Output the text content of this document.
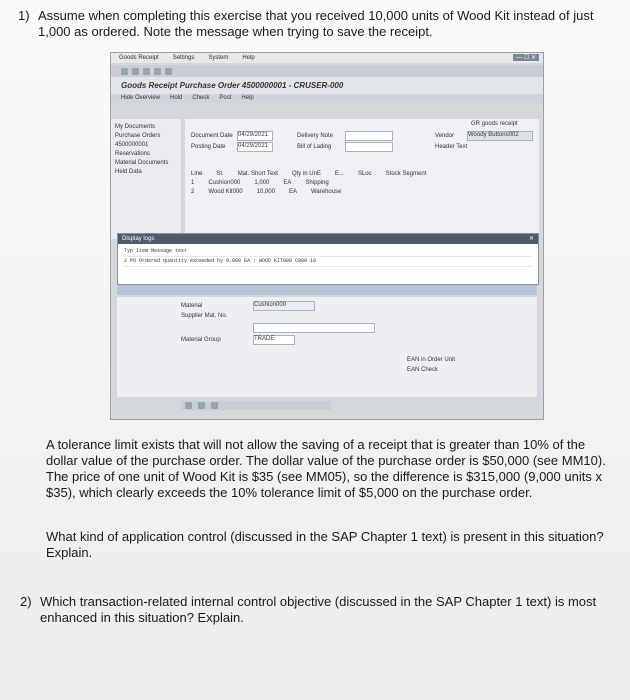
1) Assume when completing this exercise that you received 10,000 units of Wood Kit instead of just 1,000 as ordered. Note the message when trying to save the receipt.
Goods Receipt Settings System Help	— ☐ ✕
Goods Receipt Purchase Order 4500000001 - CRUSER-000
Hide Overview Hold Check Post Help
My Documents
Purchase Orders
4500000001
Reservations
Material Documents
Held Data
Document Date 04/29/2021
Posting Date 04/29/2021
Delivery Note
Bill of Lading
Vendor Woody Buttons002
Header Text
GR goods receipt
Line St. Mat. Short Text Qty in UnE E... SLoc Stock Segment
1 Cushion000 1,000 EA Shipping
2 Wood Kit000 10,000 EA Warehouse
Display logs	✕
Typ Item Message text
2 PO Ordered quantity exceeded by 9,000 EA : WOOD KIT000 C000 10
Material	Cushion000
Supplier Mat. No.
Material Group	TRADE
EAN in Order Unit
EAN Check
A tolerance limit exists that will not allow the saving of a receipt that is greater than 10% of the dollar value of the purchase order. The dollar value of the purchase order is $50,000 (see MM10). The price of one unit of Wood Kit is $35 (see MM05), so the difference is $315,000 (9,000 units x $35), which clearly exceeds the 10% tolerance limit of $5,000 on the purchase order.
What kind of application control (discussed in the SAP Chapter 1 text) is present in this situation? Explain.
2) Which transaction-related internal control objective (discussed in the SAP Chapter 1 text) is most enhanced in this situation? Explain.
